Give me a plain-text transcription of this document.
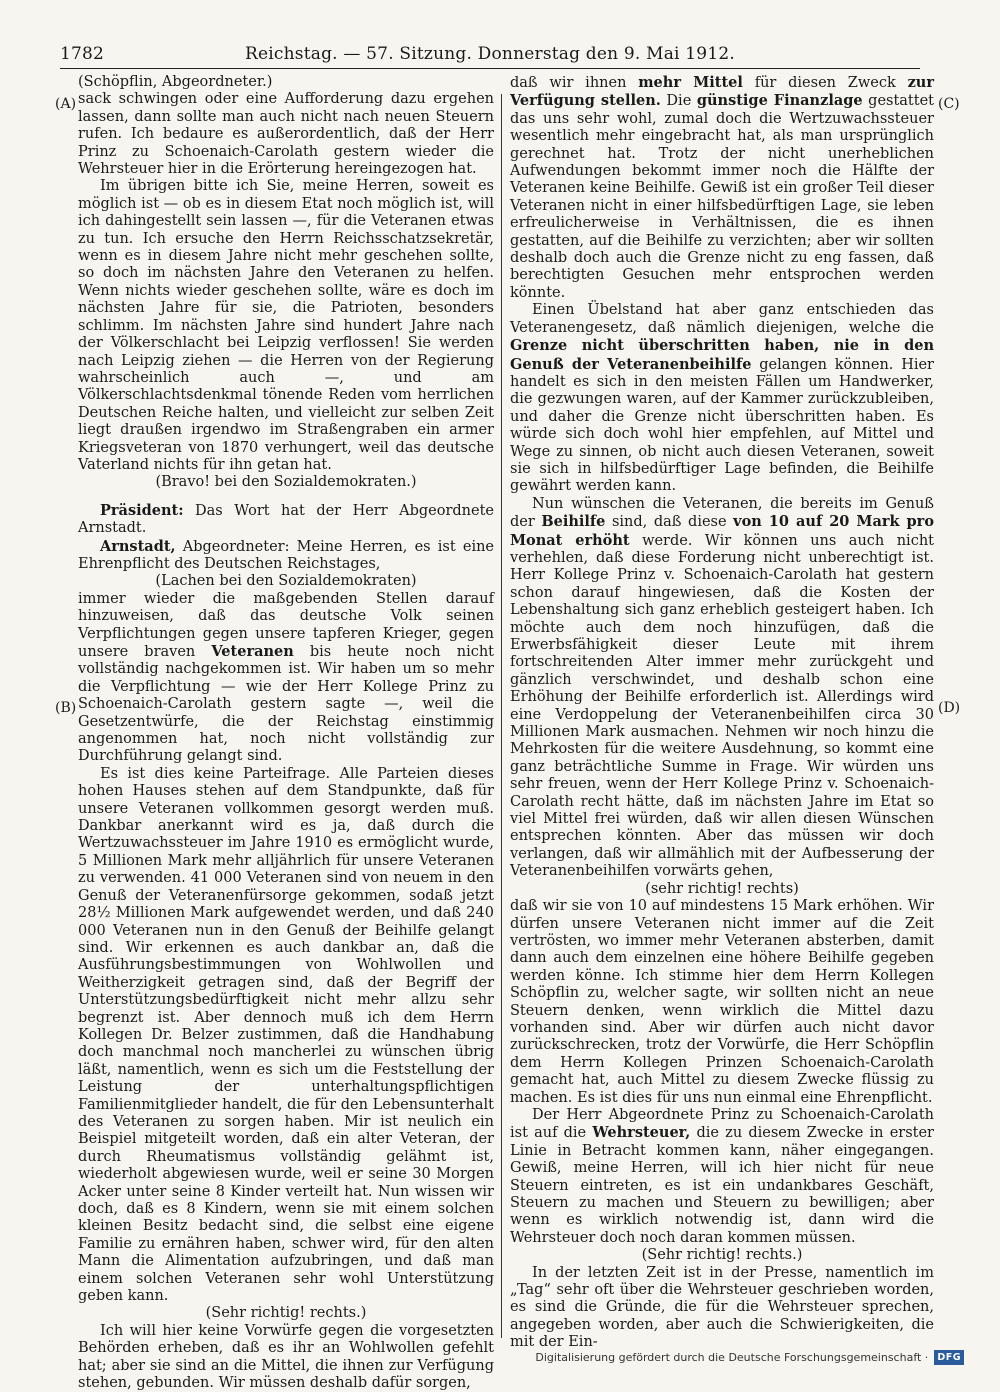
1782	Reichstag. — 57. Sitzung. Donnerstag den 9. Mai 1912.
(A)
(B)
(C)
(D)

(Schöpflin, Abgeordneter.)

sack schwingen oder eine Aufforderung dazu ergehen lassen, dann sollte man auch nicht nach neuen Steuern rufen. Ich bedaure es außerordentlich, daß der Herr Prinz zu Schoenaich-Carolath gestern wieder die Wehrsteuer hier in die Erörterung hereingezogen hat.

Im übrigen bitte ich Sie, meine Herren, soweit es möglich ist — ob es in diesem Etat noch möglich ist, will ich dahingestellt sein lassen —, für die Veteranen etwas zu tun. Ich ersuche den Herrn Reichsschatzsekretär, wenn es in diesem Jahre nicht mehr geschehen sollte, so doch im nächsten Jahre den Veteranen zu helfen. Wenn nichts wieder geschehen sollte, wäre es doch im nächsten Jahre für sie, die Patrioten, besonders schlimm. Im nächsten Jahre sind hundert Jahre nach der Völkerschlacht bei Leipzig verflossen! Sie werden nach Leipzig ziehen — die Herren von der Regierung wahrscheinlich auch —, und am Völkerschlachtsdenkmal tönende Reden vom herrlichen Deutschen Reiche halten, und vielleicht zur selben Zeit liegt draußen irgendwo im Straßengraben ein armer Kriegsveteran von 1870 verhungert, weil das deutsche Vaterland nichts für ihn getan hat.

(Bravo! bei den Sozialdemokraten.)

Präsident: Das Wort hat der Herr Abgeordnete Arnstadt.

Arnstadt, Abgeordneter: Meine Herren, es ist eine Ehrenpflicht des Deutschen Reichstages,

(Lachen bei den Sozialdemokraten)

immer wieder die maßgebenden Stellen darauf hinzuweisen, daß das deutsche Volk seinen Verpflichtungen gegen unsere tapferen Krieger, gegen unsere braven Veteranen bis heute noch nicht vollständig nachgekommen ist. Wir haben um so mehr die Verpflichtung — wie der Herr Kollege Prinz zu Schoenaich-Carolath gestern sagte —, weil die Gesetzentwürfe, die der Reichstag einstimmig angenommen hat, noch nicht vollständig zur Durchführung gelangt sind.

Es ist dies keine Parteifrage. Alle Parteien dieses hohen Hauses stehen auf dem Standpunkte, daß für unsere Veteranen vollkommen gesorgt werden muß. Dankbar anerkannt wird es ja, daß durch die Wertzuwachssteuer im Jahre 1910 es ermöglicht wurde, 5 Millionen Mark mehr alljährlich für unsere Veteranen zu verwenden. 41 000 Veteranen sind von neuem in den Genuß der Veteranenfürsorge gekommen, sodaß jetzt 28½ Millionen Mark aufgewendet werden, und daß 240 000 Veteranen nun in den Genuß der Beihilfe gelangt sind. Wir erkennen es auch dankbar an, daß die Ausführungsbestimmungen von Wohlwollen und Weitherzigkeit getragen sind, daß der Begriff der Unterstützungsbedürftigkeit nicht mehr allzu sehr begrenzt ist. Aber dennoch muß ich dem Herrn Kollegen Dr. Belzer zustimmen, daß die Handhabung doch manchmal noch mancherlei zu wünschen übrig läßt, namentlich, wenn es sich um die Feststellung der Leistung der unterhaltungspflichtigen Familienmitglieder handelt, die für den Lebensunterhalt des Veteranen zu sorgen haben. Mir ist neulich ein Beispiel mitgeteilt worden, daß ein alter Veteran, der durch Rheumatismus vollständig gelähmt ist, wiederholt abgewiesen wurde, weil er seine 30 Morgen Acker unter seine 8 Kinder verteilt hat. Nun wissen wir doch, daß es 8 Kindern, wenn sie mit einem solchen kleinen Besitz bedacht sind, die selbst eine eigene Familie zu ernähren haben, schwer wird, für den alten Mann die Alimentation aufzubringen, und daß man einem solchen Veteranen sehr wohl Unterstützung geben kann.

(Sehr richtig! rechts.)

Ich will hier keine Vorwürfe gegen die vorgesetzten Behörden erheben, daß es ihr an Wohlwollen gefehlt hat; aber sie sind an die Mittel, die ihnen zur Verfügung stehen, gebunden. Wir müssen deshalb dafür sorgen,

daß wir ihnen mehr Mittel für diesen Zweck zur Verfügung stellen. Die günstige Finanzlage gestattet das uns sehr wohl, zumal doch die Wertzuwachssteuer wesentlich mehr eingebracht hat, als man ursprünglich gerechnet hat. Trotz der nicht unerheblichen Aufwendungen bekommt immer noch die Hälfte der Veteranen keine Beihilfe. Gewiß ist ein großer Teil dieser Veteranen nicht in einer hilfsbedürftigen Lage, sie leben erfreulicherweise in Verhältnissen, die es ihnen gestatten, auf die Beihilfe zu verzichten; aber wir sollten deshalb doch auch die Grenze nicht zu eng fassen, daß berechtigten Gesuchen mehr entsprochen werden könnte.

Einen Übelstand hat aber ganz entschieden das Veteranengesetz, daß nämlich diejenigen, welche die Grenze nicht überschritten haben, nie in den Genuß der Veteranenbeihilfe gelangen können. Hier handelt es sich in den meisten Fällen um Handwerker, die gezwungen waren, auf der Kammer zurückzubleiben, und daher die Grenze nicht überschritten haben. Es würde sich doch wohl hier empfehlen, auf Mittel und Wege zu sinnen, ob nicht auch diesen Veteranen, soweit sie sich in hilfsbedürftiger Lage befinden, die Beihilfe gewährt werden kann.

Nun wünschen die Veteranen, die bereits im Genuß der Beihilfe sind, daß diese von 10 auf 20 Mark pro Monat erhöht werde. Wir können uns auch nicht verhehlen, daß diese Forderung nicht unberechtigt ist. Herr Kollege Prinz v. Schoenaich-Carolath hat gestern schon darauf hingewiesen, daß die Kosten der Lebenshaltung sich ganz erheblich gesteigert haben. Ich möchte auch dem noch hinzufügen, daß die Erwerbsfähigkeit dieser Leute mit ihrem fortschreitenden Alter immer mehr zurückgeht und gänzlich verschwindet, und deshalb schon eine Erhöhung der Beihilfe erforderlich ist. Allerdings wird eine Verdoppelung der Veteranenbeihilfen circa 30 Millionen Mark ausmachen. Nehmen wir noch hinzu die Mehrkosten für die weitere Ausdehnung, so kommt eine ganz beträchtliche Summe in Frage. Wir würden uns sehr freuen, wenn der Herr Kollege Prinz v. Schoenaich-Carolath recht hätte, daß im nächsten Jahre im Etat so viel Mittel frei würden, daß wir allen diesen Wünschen entsprechen könnten. Aber das müssen wir doch verlangen, daß wir allmählich mit der Aufbesserung der Veteranenbeihilfen vorwärts gehen,

(sehr richtig! rechts)

daß wir sie von 10 auf mindestens 15 Mark erhöhen. Wir dürfen unsere Veteranen nicht immer auf die Zeit vertrösten, wo immer mehr Veteranen absterben, damit dann auch dem einzelnen eine höhere Beihilfe gegeben werden könne. Ich stimme hier dem Herrn Kollegen Schöpflin zu, welcher sagte, wir sollten nicht an neue Steuern denken, wenn wirklich die Mittel dazu vorhanden sind. Aber wir dürfen auch nicht davor zurückschrecken, trotz der Vorwürfe, die Herr Schöpflin dem Herrn Kollegen Prinzen Schoenaich-Carolath gemacht hat, auch Mittel zu diesem Zwecke flüssig zu machen. Es ist dies für uns nun einmal eine Ehrenpflicht.

Der Herr Abgeordnete Prinz zu Schoenaich-Carolath ist auf die Wehrsteuer, die zu diesem Zwecke in erster Linie in Betracht kommen kann, näher eingegangen. Gewiß, meine Herren, will ich hier nicht für neue Steuern eintreten, es ist ein undankbares Geschäft, Steuern zu machen und Steuern zu bewilligen; aber wenn es wirklich notwendig ist, dann wird die Wehrsteuer doch noch daran kommen müssen.

(Sehr richtig! rechts.)

In der letzten Zeit ist in der Presse, namentlich im „Tag“ sehr oft über die Wehrsteuer geschrieben worden, es sind die Gründe, die für die Wehrsteuer sprechen, angegeben worden, aber auch die Schwierigkeiten, die mit der Ein-

Digitalisierung gefördert durch die Deutsche Forschungsgemeinschaft · DFG
